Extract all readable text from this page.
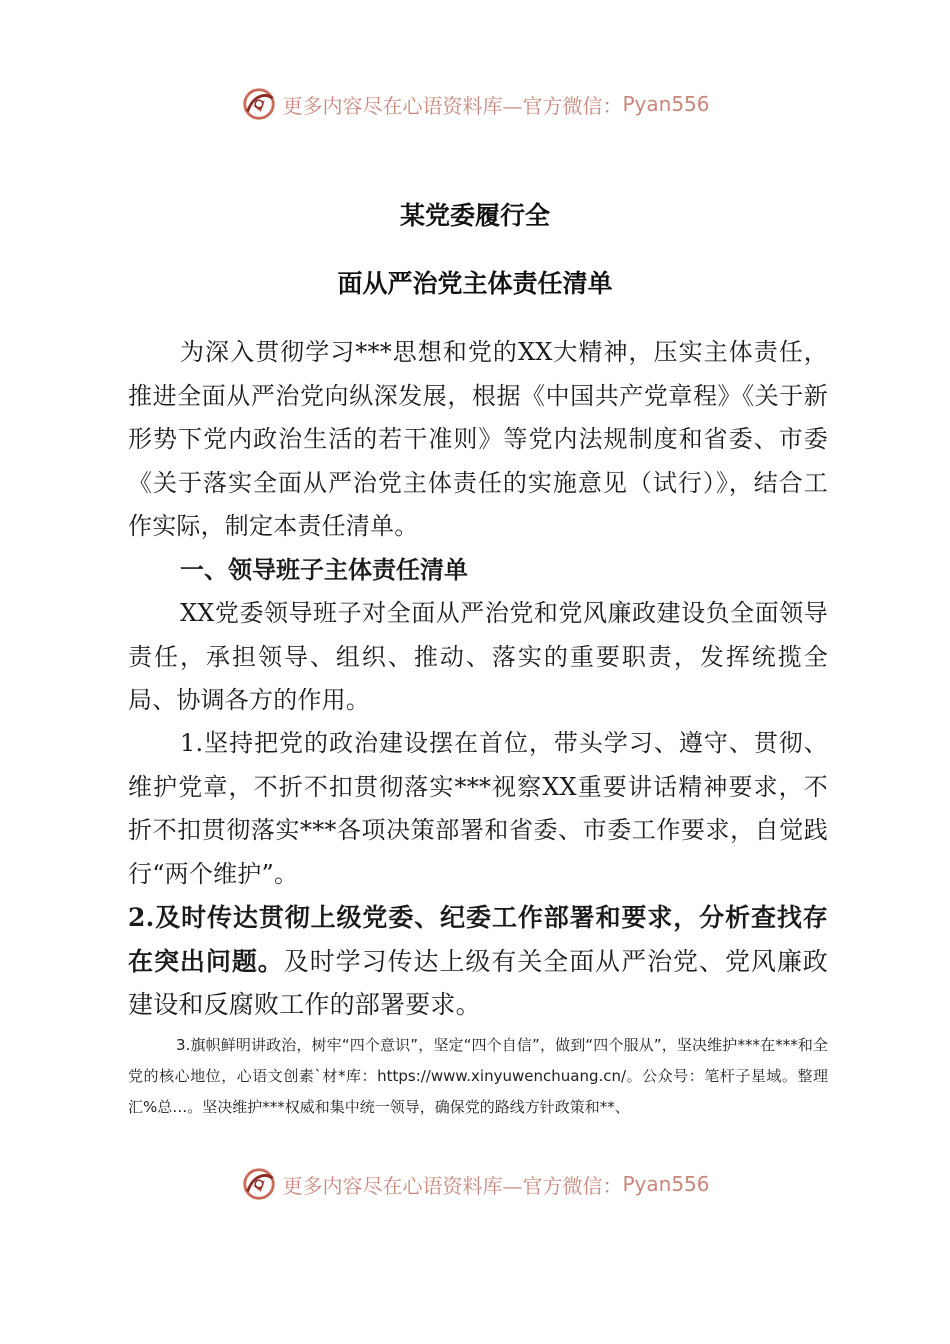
更多内容尽在心语资料库—官方微信： Pyan556
某党委履行全
面从严治党主体责任清单
为深入贯彻学习***思想和党的XX大精神，压实主体责任，推进全面从严治党向纵深发展，根据《中国共产党章程》《关于新形势下党内政治生活的若干准则》等党内法规制度和省委、市委《关于落实全面从严治党主体责任的实施意见（试行）》，结合工作实际，制定本责任清单。
一、领导班子主体责任清单
XX党委领导班子对全面从严治党和党风廉政建设负全面领导责任，承担领导、组织、推动、落实的重要职责，发挥统揽全局、协调各方的作用。
1.坚持把党的政治建设摆在首位，带头学习、遵守、贯彻、维护党章，不折不扣贯彻落实***视察XX重要讲话精神要求，不折不扣贯彻落实***各项决策部署和省委、市委工作要求，自觉践行“两个维护”。
2.及时传达贯彻上级党委、纪委工作部署和要求，分析查找存在突出问题。及时学习传达上级有关全面从严治党、党风廉政建设和反腐败工作的部署要求。
3.旗帜鲜明讲政治，树牢“四个意识”，坚定“四个自信”，做到“四个服从”，坚决维护***在***和全党的核心地位，心语文创素`材*库：https://www.xinyuwenchuang.cn/。公众号：笔杆子星域。整理汇%总…。坚决维护***权威和集中统一领导，确保党的路线方针政策和**、
更多内容尽在心语资料库—官方微信： Pyan556
